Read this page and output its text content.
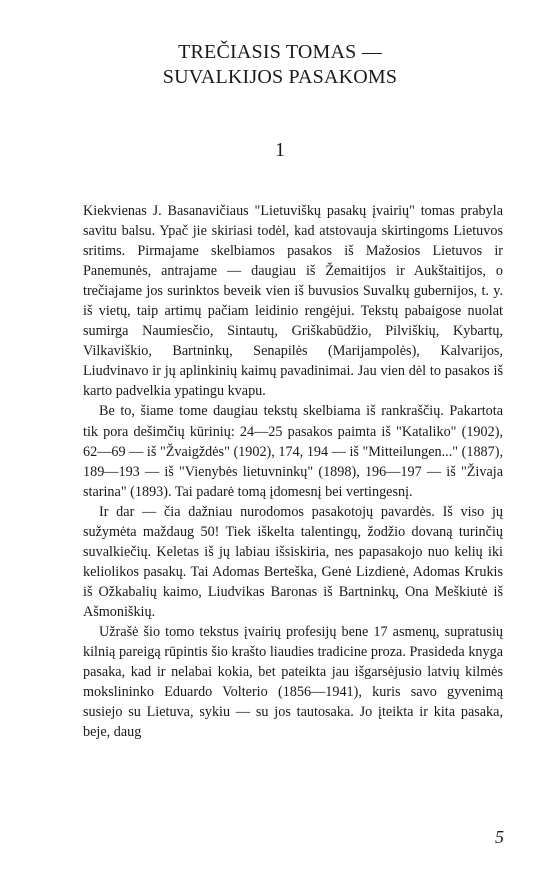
TREČIASIS TOMAS —
SUVALKIJOS PASAKOMS
1

Kiekvienas J. Basanavičiaus "Lietuviškų pasakų įvairių" tomas prabyla savitu balsu. Ypač jie skiriasi todėl, kad atstovauja skirtingoms Lietuvos sritims. Pirmajame skelbiamos pasakos iš Mažosios Lietuvos ir Panemunės, antrajame — daugiau iš Žemaitijos ir Aukštaitijos, o trečiajame jos surinktos beveik vien iš buvusios Suvalkų gubernijos, t. y. iš vietų, taip artimų pačiam leidinio rengėjui. Tekstų pabaigose nuolat sumirga Naumiesčio, Sintautų, Griškabūdžio, Pilviškių, Kybartų, Vilkaviškio, Bartninkų, Senapilės (Marijampolės), Kalvarijos, Liudvinavo ir jų aplinkinių kaimų pavadinimai. Jau vien dėl to pasakos iš karto padvelkia ypatingu kvapu.

Be to, šiame tome daugiau tekstų skelbiama iš rankraščių. Pakartota tik pora dešimčių kūrinių: 24—25 pasakos paimta iš "Kataliko" (1902), 62—69 — iš "Žvaigždės" (1902), 174, 194 — iš "Mitteilungen..." (1887), 189—193 — iš "Vienybės lietuvninkų" (1898), 196—197 — iš "Živaja starina" (1893). Tai padarė tomą įdomesnį bei vertingesnį.

Ir dar — čia dažniau nurodomos pasakotojų pavardės. Iš viso jų sužymėta maždaug 50! Tiek iškelta talentingų, žodžio dovaną turinčių suvalkiečių. Keletas iš jų labiau išsiskiria, nes papasakojo nuo kelių iki keliolikos pasakų. Tai Adomas Berteška, Genė Lizdienė, Adomas Krukis iš Ožkabalių kaimo, Liudvikas Baronas iš Bartninkų, Ona Meškiutė iš Ašmoniškių.

Užrašė šio tomo tekstus įvairių profesijų bene 17 asmenų, supratusių kilnią pareigą rūpintis šio krašto liaudies tradicine proza. Prasideda knyga pasaka, kad ir nelabai kokia, bet pateikta jau išgarsėjusio latvių kilmės mokslininko Eduardo Volterio (1856—1941), kuris savo gyvenimą susiejo su Lietuva, sykiu — su jos tautosaka. Jo įteikta ir kita pasaka, beje, daug

5
